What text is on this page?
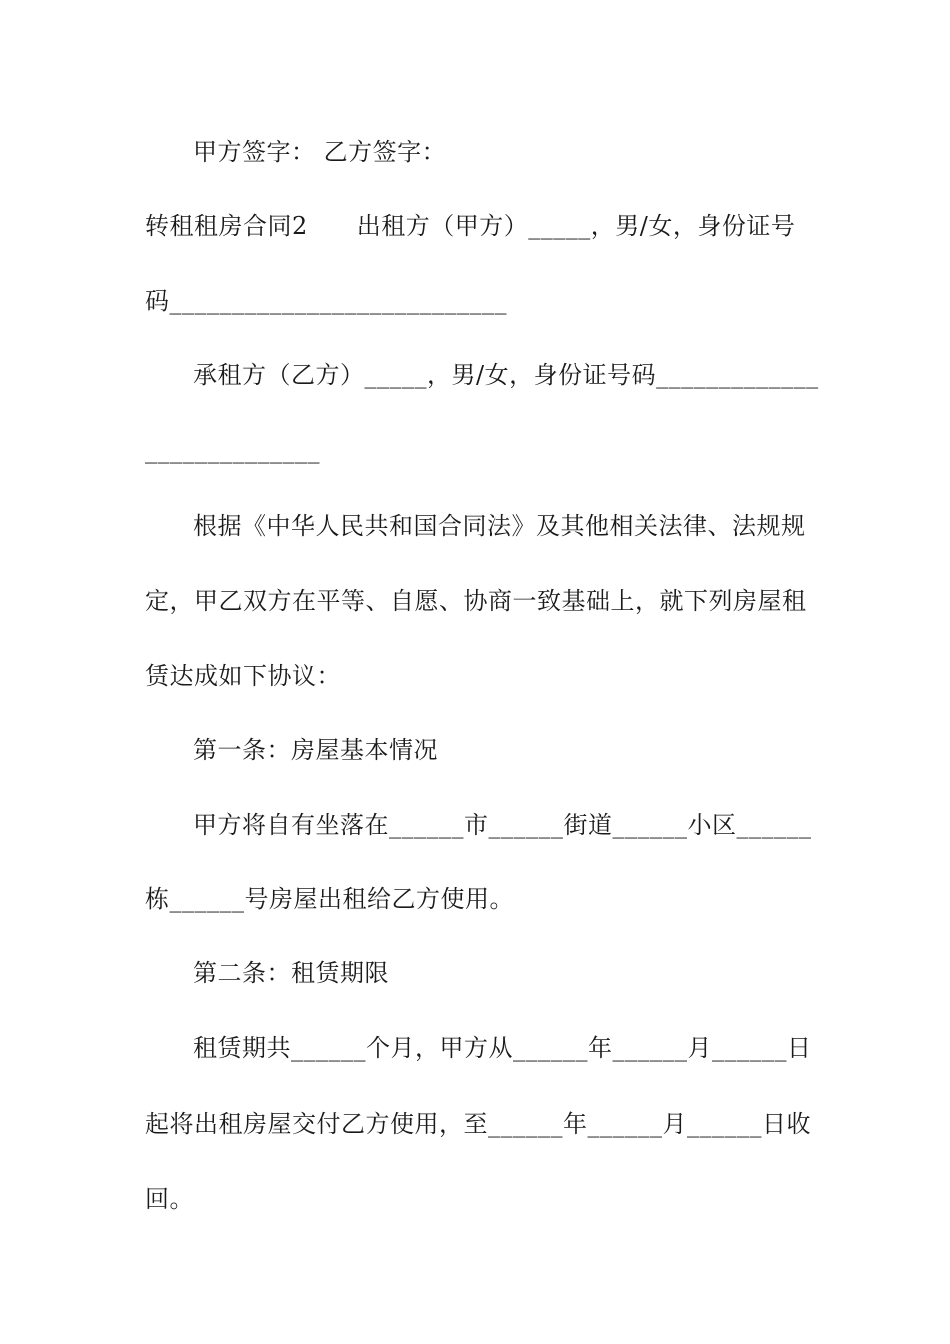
甲方签字： 乙方签字：
转租租房合同2　　出租方（甲方）_____，男/女，身份证号
码___________________________
承租方（乙方）_____，男/女，身份证号码_____________
______________
根据《中华人民共和国合同法》及其他相关法律、法规规
定，甲乙双方在平等、自愿、协商一致基础上，就下列房屋租
赁达成如下协议：
第一条：房屋基本情况
甲方将自有坐落在______市______街道______小区______
栋______号房屋出租给乙方使用。
第二条：租赁期限
租赁期共______个月，甲方从______年______月______日
起将出租房屋交付乙方使用，至______年______月______日收
回。
